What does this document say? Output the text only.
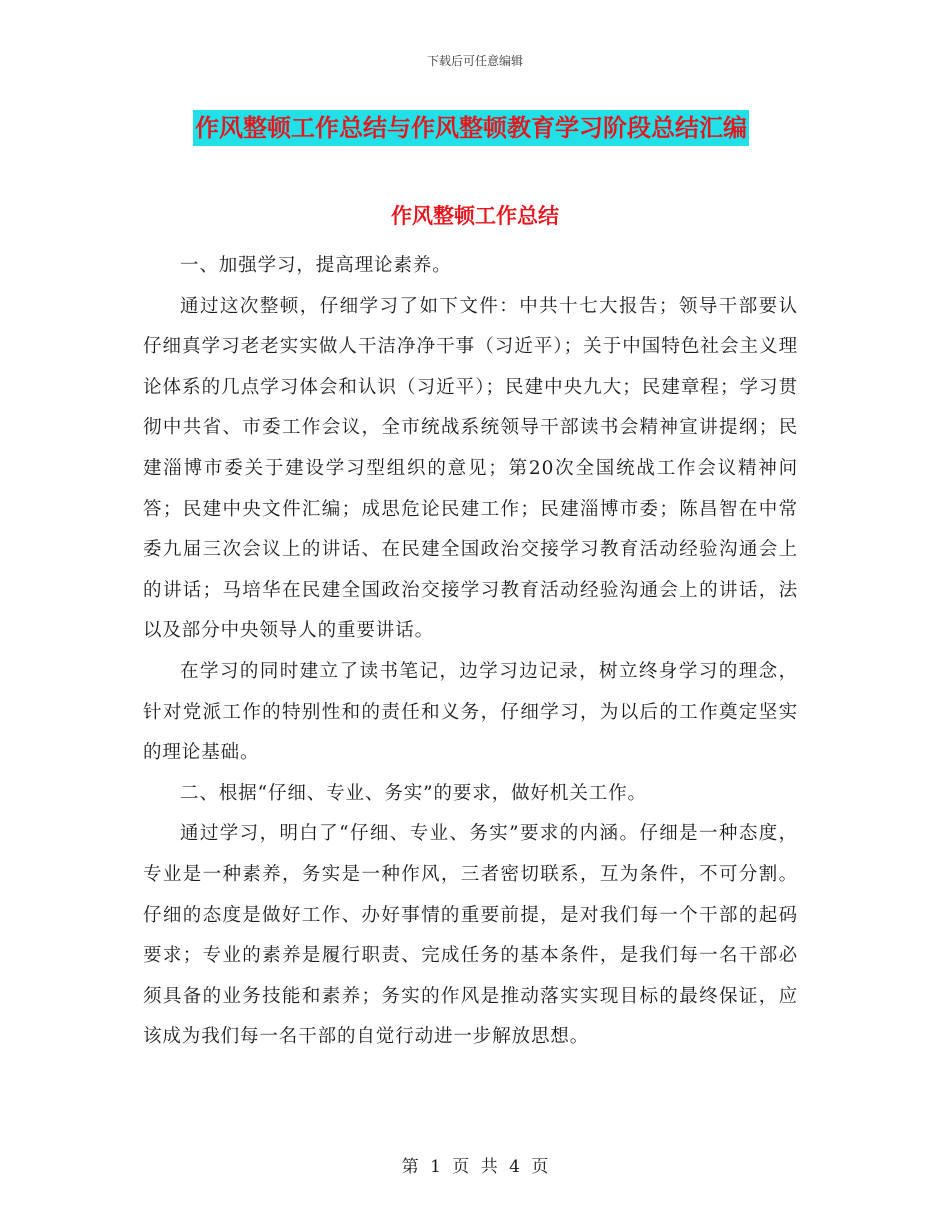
下载后可任意编辑
作风整顿工作总结与作风整顿教育学习阶段总结汇编
作风整顿工作总结

一、加强学习，提高理论素养。

通过这次整顿，仔细学习了如下文件：中共十七大报告；领导干部要认仔细真学习老老实实做人干洁净净干事（习近平）；关于中国特色社会主义理论体系的几点学习体会和认识（习近平）；民建中央九大；民建章程；学习贯彻中共省、市委工作会议，全市统战系统领导干部读书会精神宣讲提纲；民建淄博市委关于建设学习型组织的意见；第20次全国统战工作会议精神问答；民建中央文件汇编；成思危论民建工作；民建淄博市委；陈昌智在中常委九届三次会议上的讲话、在民建全国政治交接学习教育活动经验沟通会上的讲话；马培华在民建全国政治交接学习教育活动经验沟通会上的讲话，法以及部分中央领导人的重要讲话。

在学习的同时建立了读书笔记，边学习边记录，树立终身学习的理念，针对党派工作的特别性和的责任和义务，仔细学习，为以后的工作奠定坚实的理论基础。

二、根据“仔细、专业、务实”的要求，做好机关工作。

通过学习，明白了“仔细、专业、务实”要求的内涵。仔细是一种态度，专业是一种素养，务实是一种作风，三者密切联系，互为条件，不可分割。仔细的态度是做好工作、办好事情的重要前提，是对我们每一个干部的起码要求；专业的素养是履行职责、完成任务的基本条件，是我们每一名干部必须具备的业务技能和素养；务实的作风是推动落实实现目标的最终保证，应该成为我们每一名干部的自觉行动进一步解放思想。

第 1 页 共 4 页
